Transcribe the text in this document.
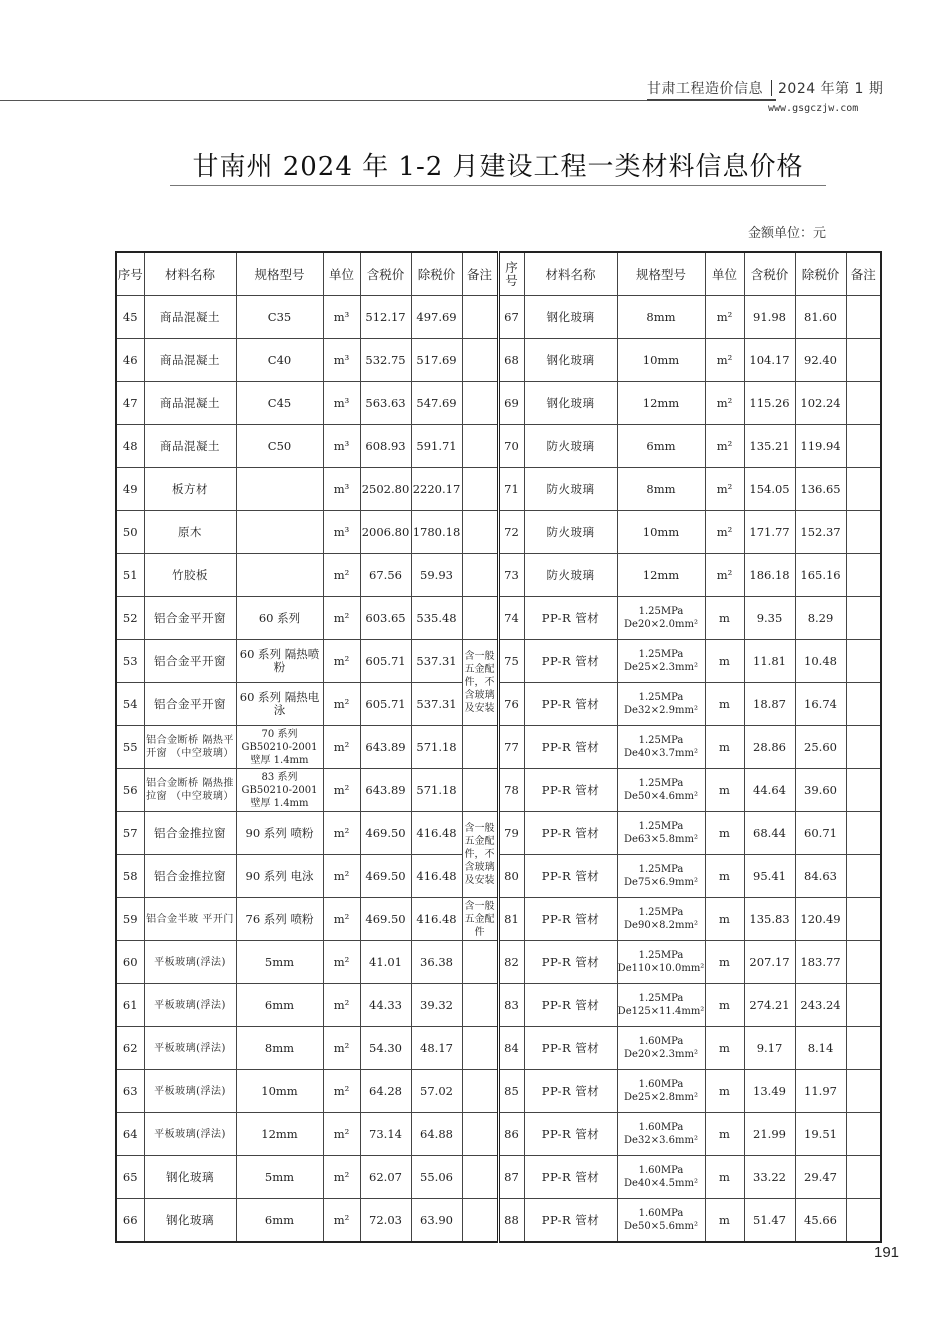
甘肃工程造价信息 2024 年第 1 期
www.gsgczjw.com
甘南州 2024 年 1-2 月建设工程一类材料信息价格
金额单位：元
序号	材料名称	规格型号	单位	含税价	除税价	备注	序号	材料名称	规格型号	单位	含税价	除税价	备注
45	商品混凝土	C35	m³	512.17	497.69		67	钢化玻璃	8mm	m²	91.98	81.60	
46	商品混凝土	C40	m³	532.75	517.69		68	钢化玻璃	10mm	m²	104.17	92.40	
47	商品混凝土	C45	m³	563.63	547.69		69	钢化玻璃	12mm	m²	115.26	102.24	
48	商品混凝土	C50	m³	608.93	591.71		70	防火玻璃	6mm	m²	135.21	119.94	
49	板方材		m³	2502.80	2220.17		71	防火玻璃	8mm	m²	154.05	136.65	
50	原木		m³	2006.80	1780.18		72	防火玻璃	10mm	m²	171.77	152.37	
51	竹胶板		m²	67.56	59.93		73	防火玻璃	12mm	m²	186.18	165.16	
52	铝合金平开窗	60 系列	m²	603.65	535.48		74	PP-R 管材	1.25MPa De20×2.0mm²	m	9.35	8.29	
53	铝合金平开窗	60 系列 隔热喷粉	m²	605.71	537.31	含一般五金配件，不含玻璃及安装	75	PP-R 管材	1.25MPa De25×2.3mm²	m	11.81	10.48	
54	铝合金平开窗	60 系列 隔热电泳	m²	605.71	537.31		76	PP-R 管材	1.25MPa De32×2.9mm²	m	18.87	16.74	
55	铝合金断桥 隔热平开窗 （中空玻璃）	70 系列 GB50210-2001 壁厚 1.4mm	m²	643.89	571.18		77	PP-R 管材	1.25MPa De40×3.7mm²	m	28.86	25.60	
56	铝合金断桥 隔热推拉窗 （中空玻璃）	83 系列 GB50210-2001 壁厚 1.4mm	m²	643.89	571.18		78	PP-R 管材	1.25MPa De50×4.6mm²	m	44.64	39.60	
57	铝合金推拉窗	90 系列 喷粉	m²	469.50	416.48	含一般五金配件，不含玻璃及安装	79	PP-R 管材	1.25MPa De63×5.8mm²	m	68.44	60.71	
58	铝合金推拉窗	90 系列 电泳	m²	469.50	416.48		80	PP-R 管材	1.25MPa De75×6.9mm²	m	95.41	84.63	
59	铝合金半玻 平开门	76 系列 喷粉	m²	469.50	416.48	含一般五金配件	81	PP-R 管材	1.25MPa De90×8.2mm²	m	135.83	120.49	
60	平板玻璃(浮法)	5mm	m²	41.01	36.38		82	PP-R 管材	1.25MPa De110×10.0mm²	m	207.17	183.77	
61	平板玻璃(浮法)	6mm	m²	44.33	39.32		83	PP-R 管材	1.25MPa De125×11.4mm²	m	274.21	243.24	
62	平板玻璃(浮法)	8mm	m²	54.30	48.17		84	PP-R 管材	1.60MPa De20×2.3mm²	m	9.17	8.14	
63	平板玻璃(浮法)	10mm	m²	64.28	57.02		85	PP-R 管材	1.60MPa De25×2.8mm²	m	13.49	11.97	
64	平板玻璃(浮法)	12mm	m²	73.14	64.88		86	PP-R 管材	1.60MPa De32×3.6mm²	m	21.99	19.51	
65	钢化玻璃	5mm	m²	62.07	55.06		87	PP-R 管材	1.60MPa De40×4.5mm²	m	33.22	29.47	
66	钢化玻璃	6mm	m²	72.03	63.90		88	PP-R 管材	1.60MPa De50×5.6mm²	m	51.47	45.66	
191
